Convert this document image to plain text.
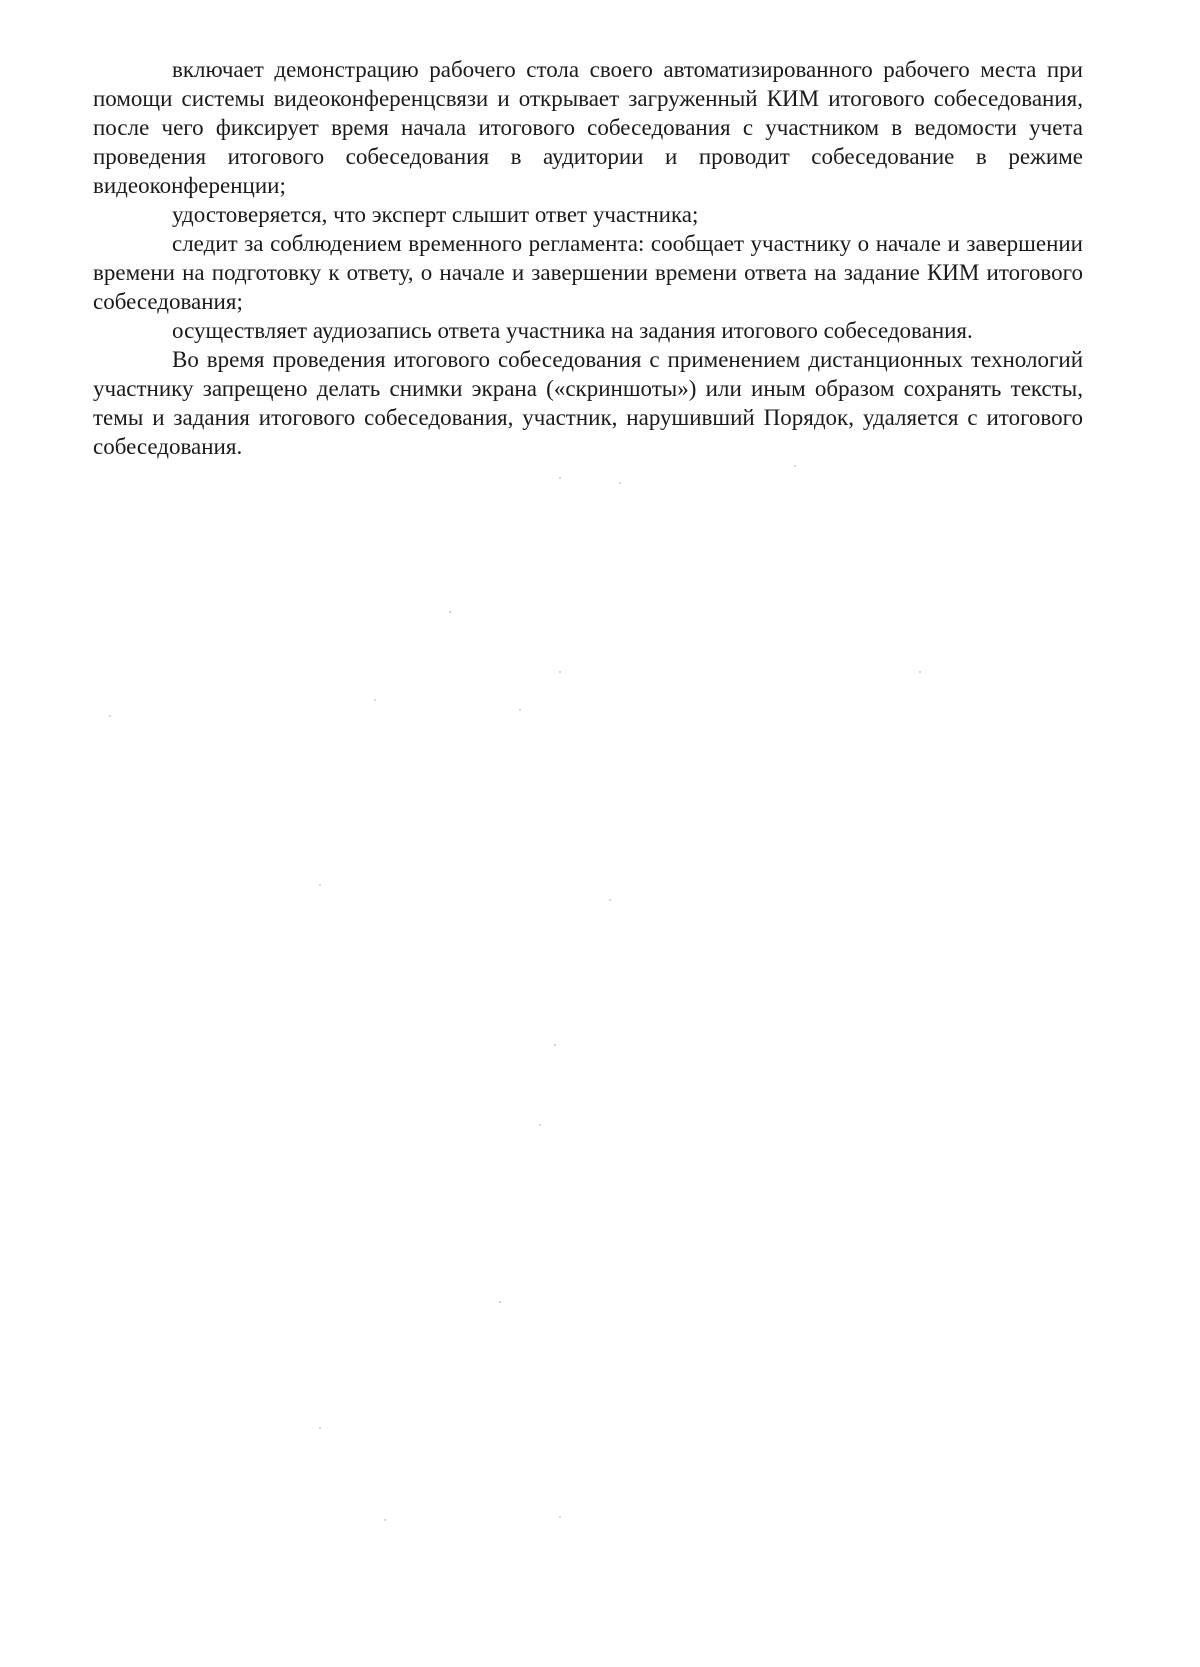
включает демонстрацию рабочего стола своего автоматизированного рабочего места при помощи системы видеоконференцсвязи и открывает загруженный КИМ итогового собеседования, после чего фиксирует время начала итогового собеседования с участником в ведомости учета проведения итогового собеседования в аудитории и проводит собеседование в режиме видеоконференции;

удостоверяется, что эксперт слышит ответ участника;

следит за соблюдением временного регламента: сообщает участнику о начале и завершении времени на подготовку к ответу, о начале и завершении времени ответа на задание КИМ итогового собеседования;

осуществляет аудиозапись ответа участника на задания итогового собеседования.

Во время проведения итогового собеседования с применением дистанционных технологий участнику запрещено делать снимки экрана («скриншоты») или иным образом сохранять тексты, темы и задания итогового собеседования, участник, нарушивший Порядок, удаляется с итогового собеседования.
